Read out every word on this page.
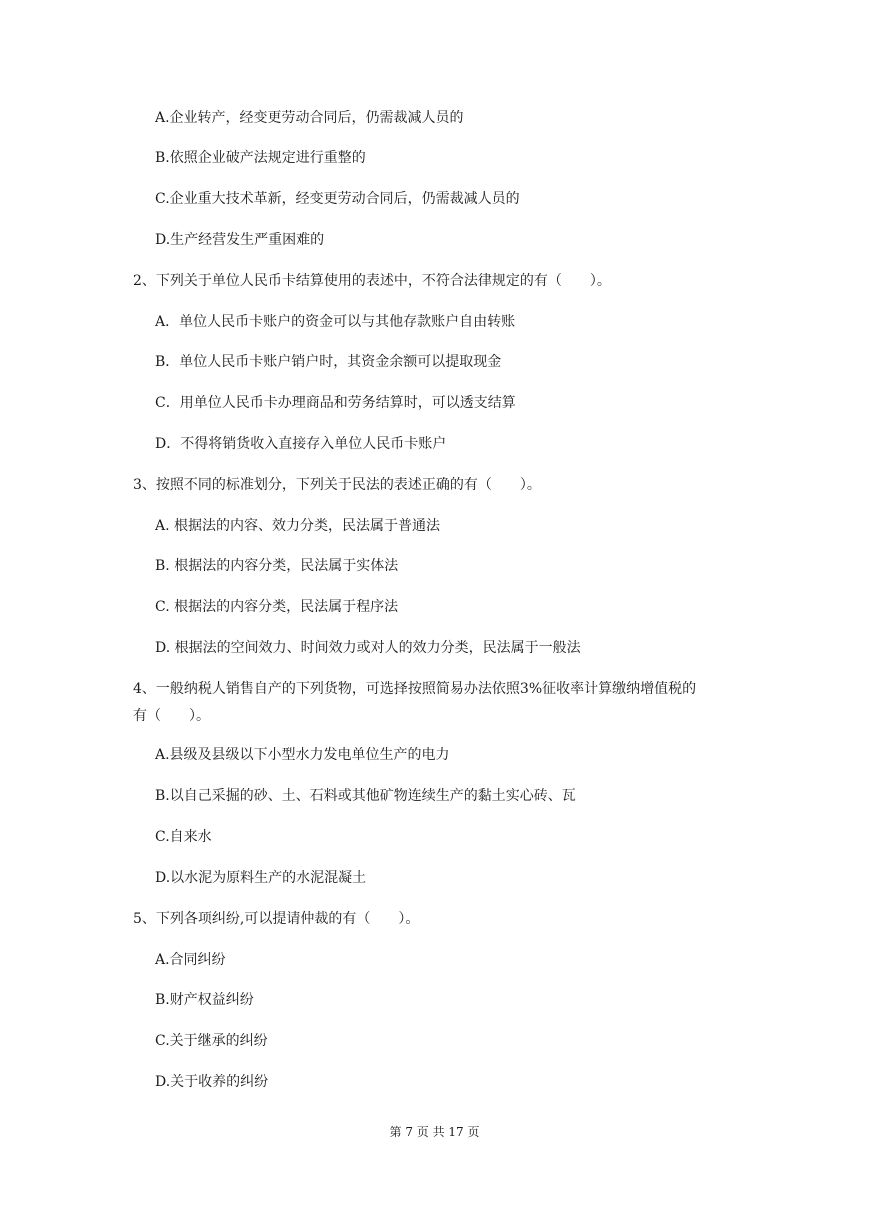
A.企业转产，经变更劳动合同后，仍需裁减人员的
B.依照企业破产法规定进行重整的
C.企业重大技术革新，经变更劳动合同后，仍需裁减人员的
D.生产经营发生严重困难的
2、下列关于单位人民币卡结算使用的表述中，不符合法律规定的有（　　）。
A．单位人民币卡账户的资金可以与其他存款账户自由转账
B．单位人民币卡账户销户时，其资金余额可以提取现金
C．用单位人民币卡办理商品和劳务结算时，可以透支结算
D．不得将销货收入直接存入单位人民币卡账户
3、按照不同的标准划分，下列关于民法的表述正确的有（　　）。
A. 根据法的内容、效力分类，民法属于普通法
B. 根据法的内容分类，民法属于实体法
C. 根据法的内容分类，民法属于程序法
D. 根据法的空间效力、时间效力或对人的效力分类，民法属于一般法
4、一般纳税人销售自产的下列货物，可选择按照简易办法依照3%征收率计算缴纳增值税的
有（　　）。
A.县级及县级以下小型水力发电单位生产的电力
B.以自己采掘的砂、土、石料或其他矿物连续生产的黏土实心砖、瓦
C.自来水
D.以水泥为原料生产的水泥混凝土
5、下列各项纠纷,可以提请仲裁的有（　　）。
A.合同纠纷
B.财产权益纠纷
C.关于继承的纠纷
D.关于收养的纠纷
第 7 页 共 17 页
